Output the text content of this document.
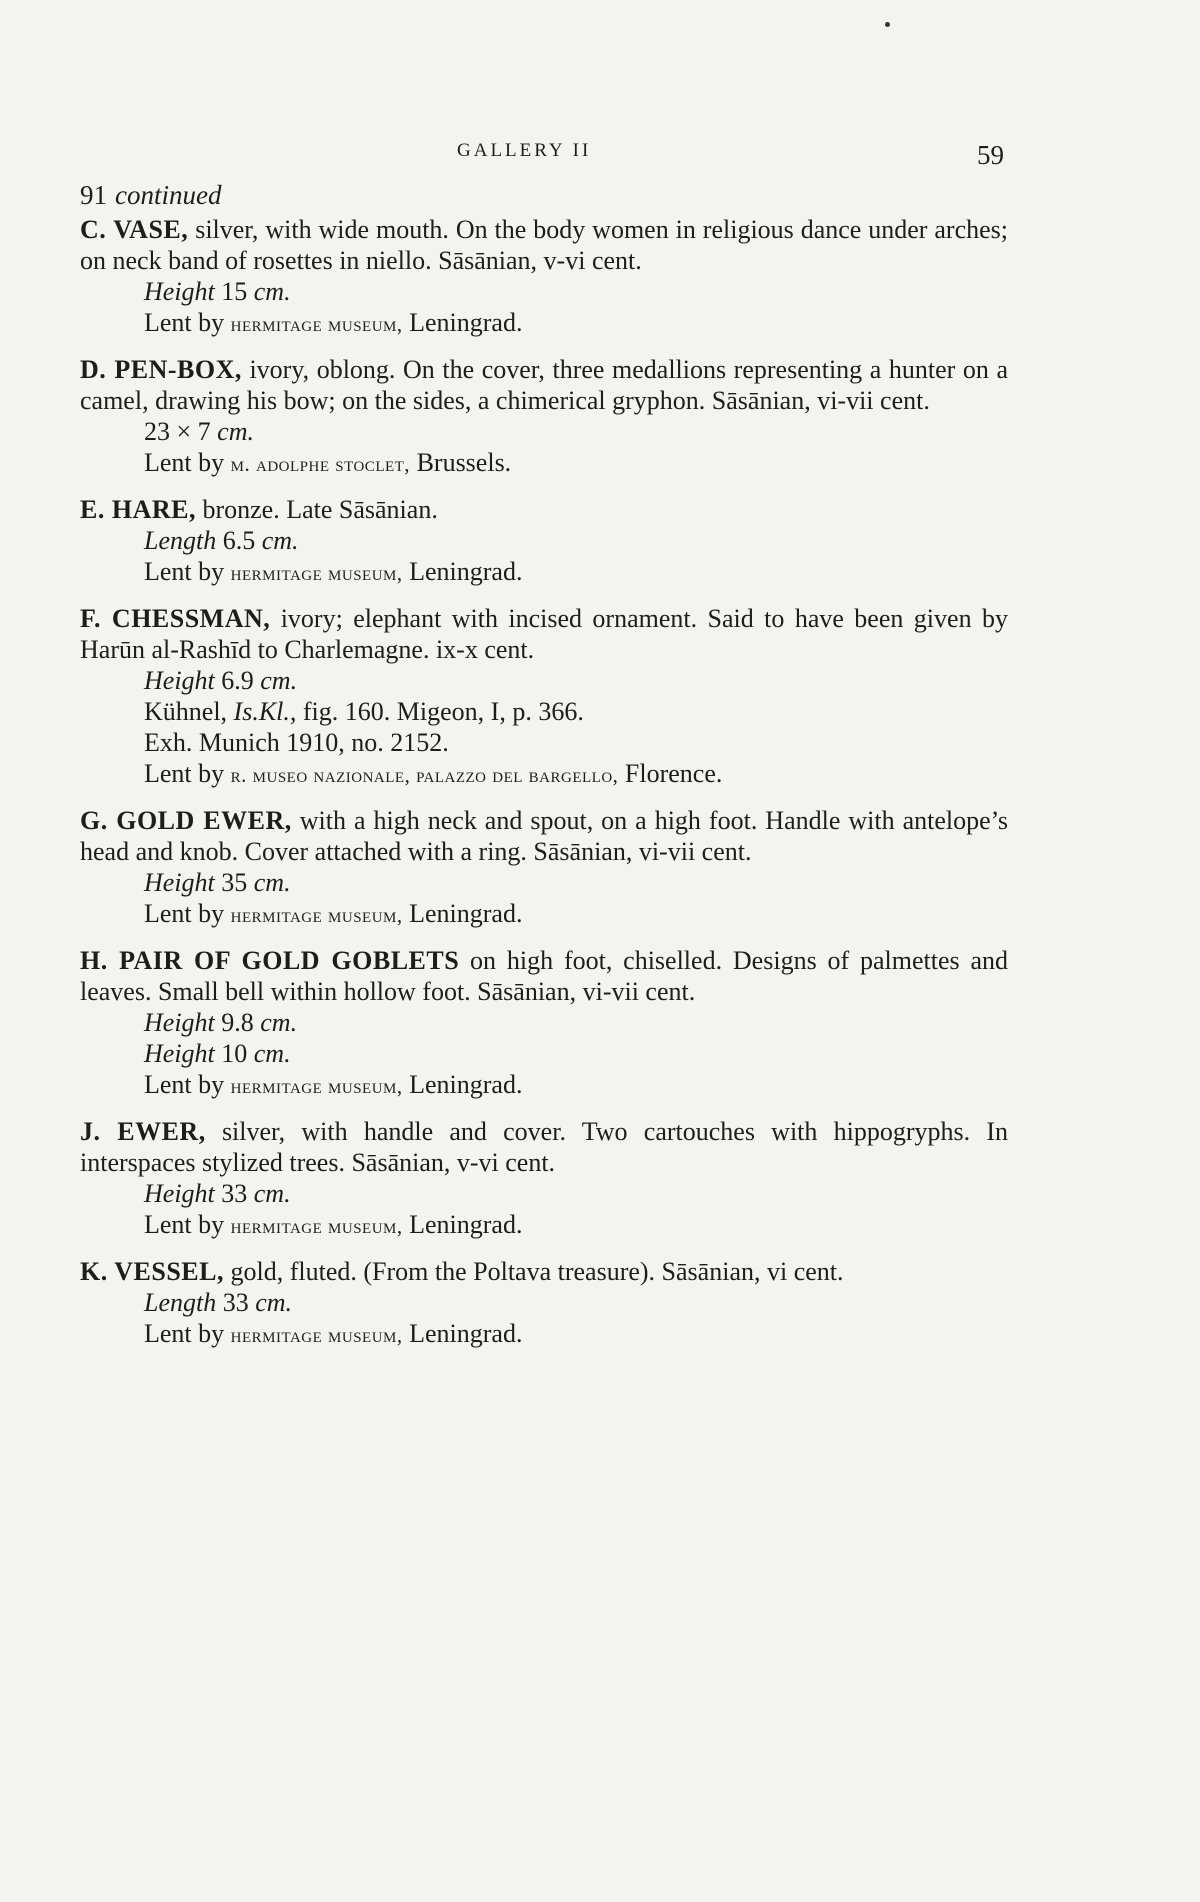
GALLERY II	59
91 continued
C. VASE, silver, with wide mouth. On the body women in religious dance under arches; on neck band of rosettes in niello. Sāsānian, v-vi cent.
Height 15 cm.
Lent by hermitage museum, Leningrad.
D. PEN-BOX, ivory, oblong. On the cover, three medallions representing a hunter on a camel, drawing his bow; on the sides, a chimerical gryphon. Sāsānian, vi-vii cent.
23 × 7 cm.
Lent by m. adolphe stoclet, Brussels.
E. HARE, bronze. Late Sāsānian.
Length 6.5 cm.
Lent by hermitage museum, Leningrad.
F. CHESSMAN, ivory; elephant with incised ornament. Said to have been given by Harūn al-Rashīd to Charlemagne. ix-x cent.
Height 6.9 cm.
Kühnel, Is.Kl., fig. 160. Migeon, I, p. 366.
Exh. Munich 1910, no. 2152.
Lent by r. museo nazionale, palazzo del bargello, Florence.
G. GOLD EWER, with a high neck and spout, on a high foot. Handle with antelope’s head and knob. Cover attached with a ring. Sāsānian, vi-vii cent.
Height 35 cm.
Lent by hermitage museum, Leningrad.
H. PAIR OF GOLD GOBLETS on high foot, chiselled. Designs of palmettes and leaves. Small bell within hollow foot. Sāsānian, vi-vii cent.
Height 9.8 cm.
Height 10 cm.
Lent by hermitage museum, Leningrad.
J. EWER, silver, with handle and cover. Two cartouches with hippogryphs. In interspaces stylized trees. Sāsānian, v-vi cent.
Height 33 cm.
Lent by hermitage museum, Leningrad.
K. VESSEL, gold, fluted. (From the Poltava treasure). Sāsānian, vi cent.
Length 33 cm.
Lent by hermitage museum, Leningrad.
